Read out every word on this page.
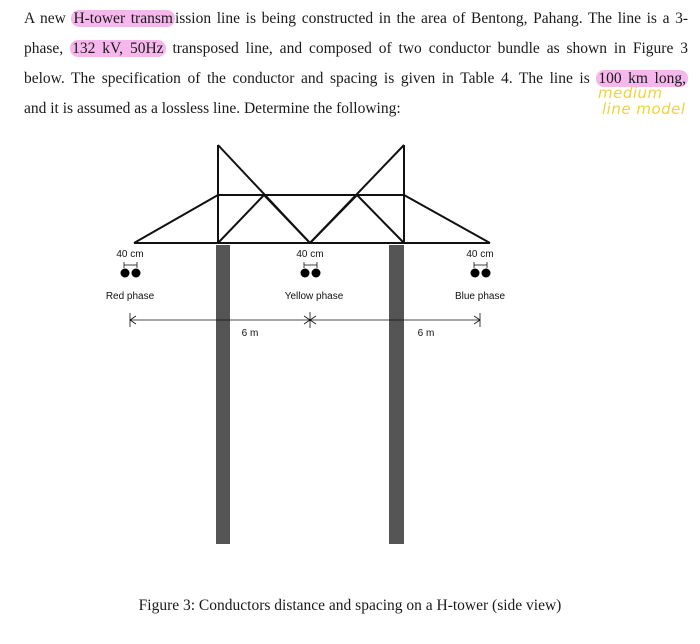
A new H-tower transm ission line is being constructed in the area of Bentong, Pahang. The line is a 3-
phase, 132 kV, 50Hz transposed line, and composed of two conductor bundle as shown in Figure 3
below. The specification of the conductor and spacing is given in Table 4. The line is 100 km long,
and it is assumed as a lossless line. Determine the following:
medium
line model
40 cm	40 cm	40 cm
Red phase	Yellow phase	Blue phase
6 m	6 m
Figure 3: Conductors distance and spacing on a H-tower (side view)
